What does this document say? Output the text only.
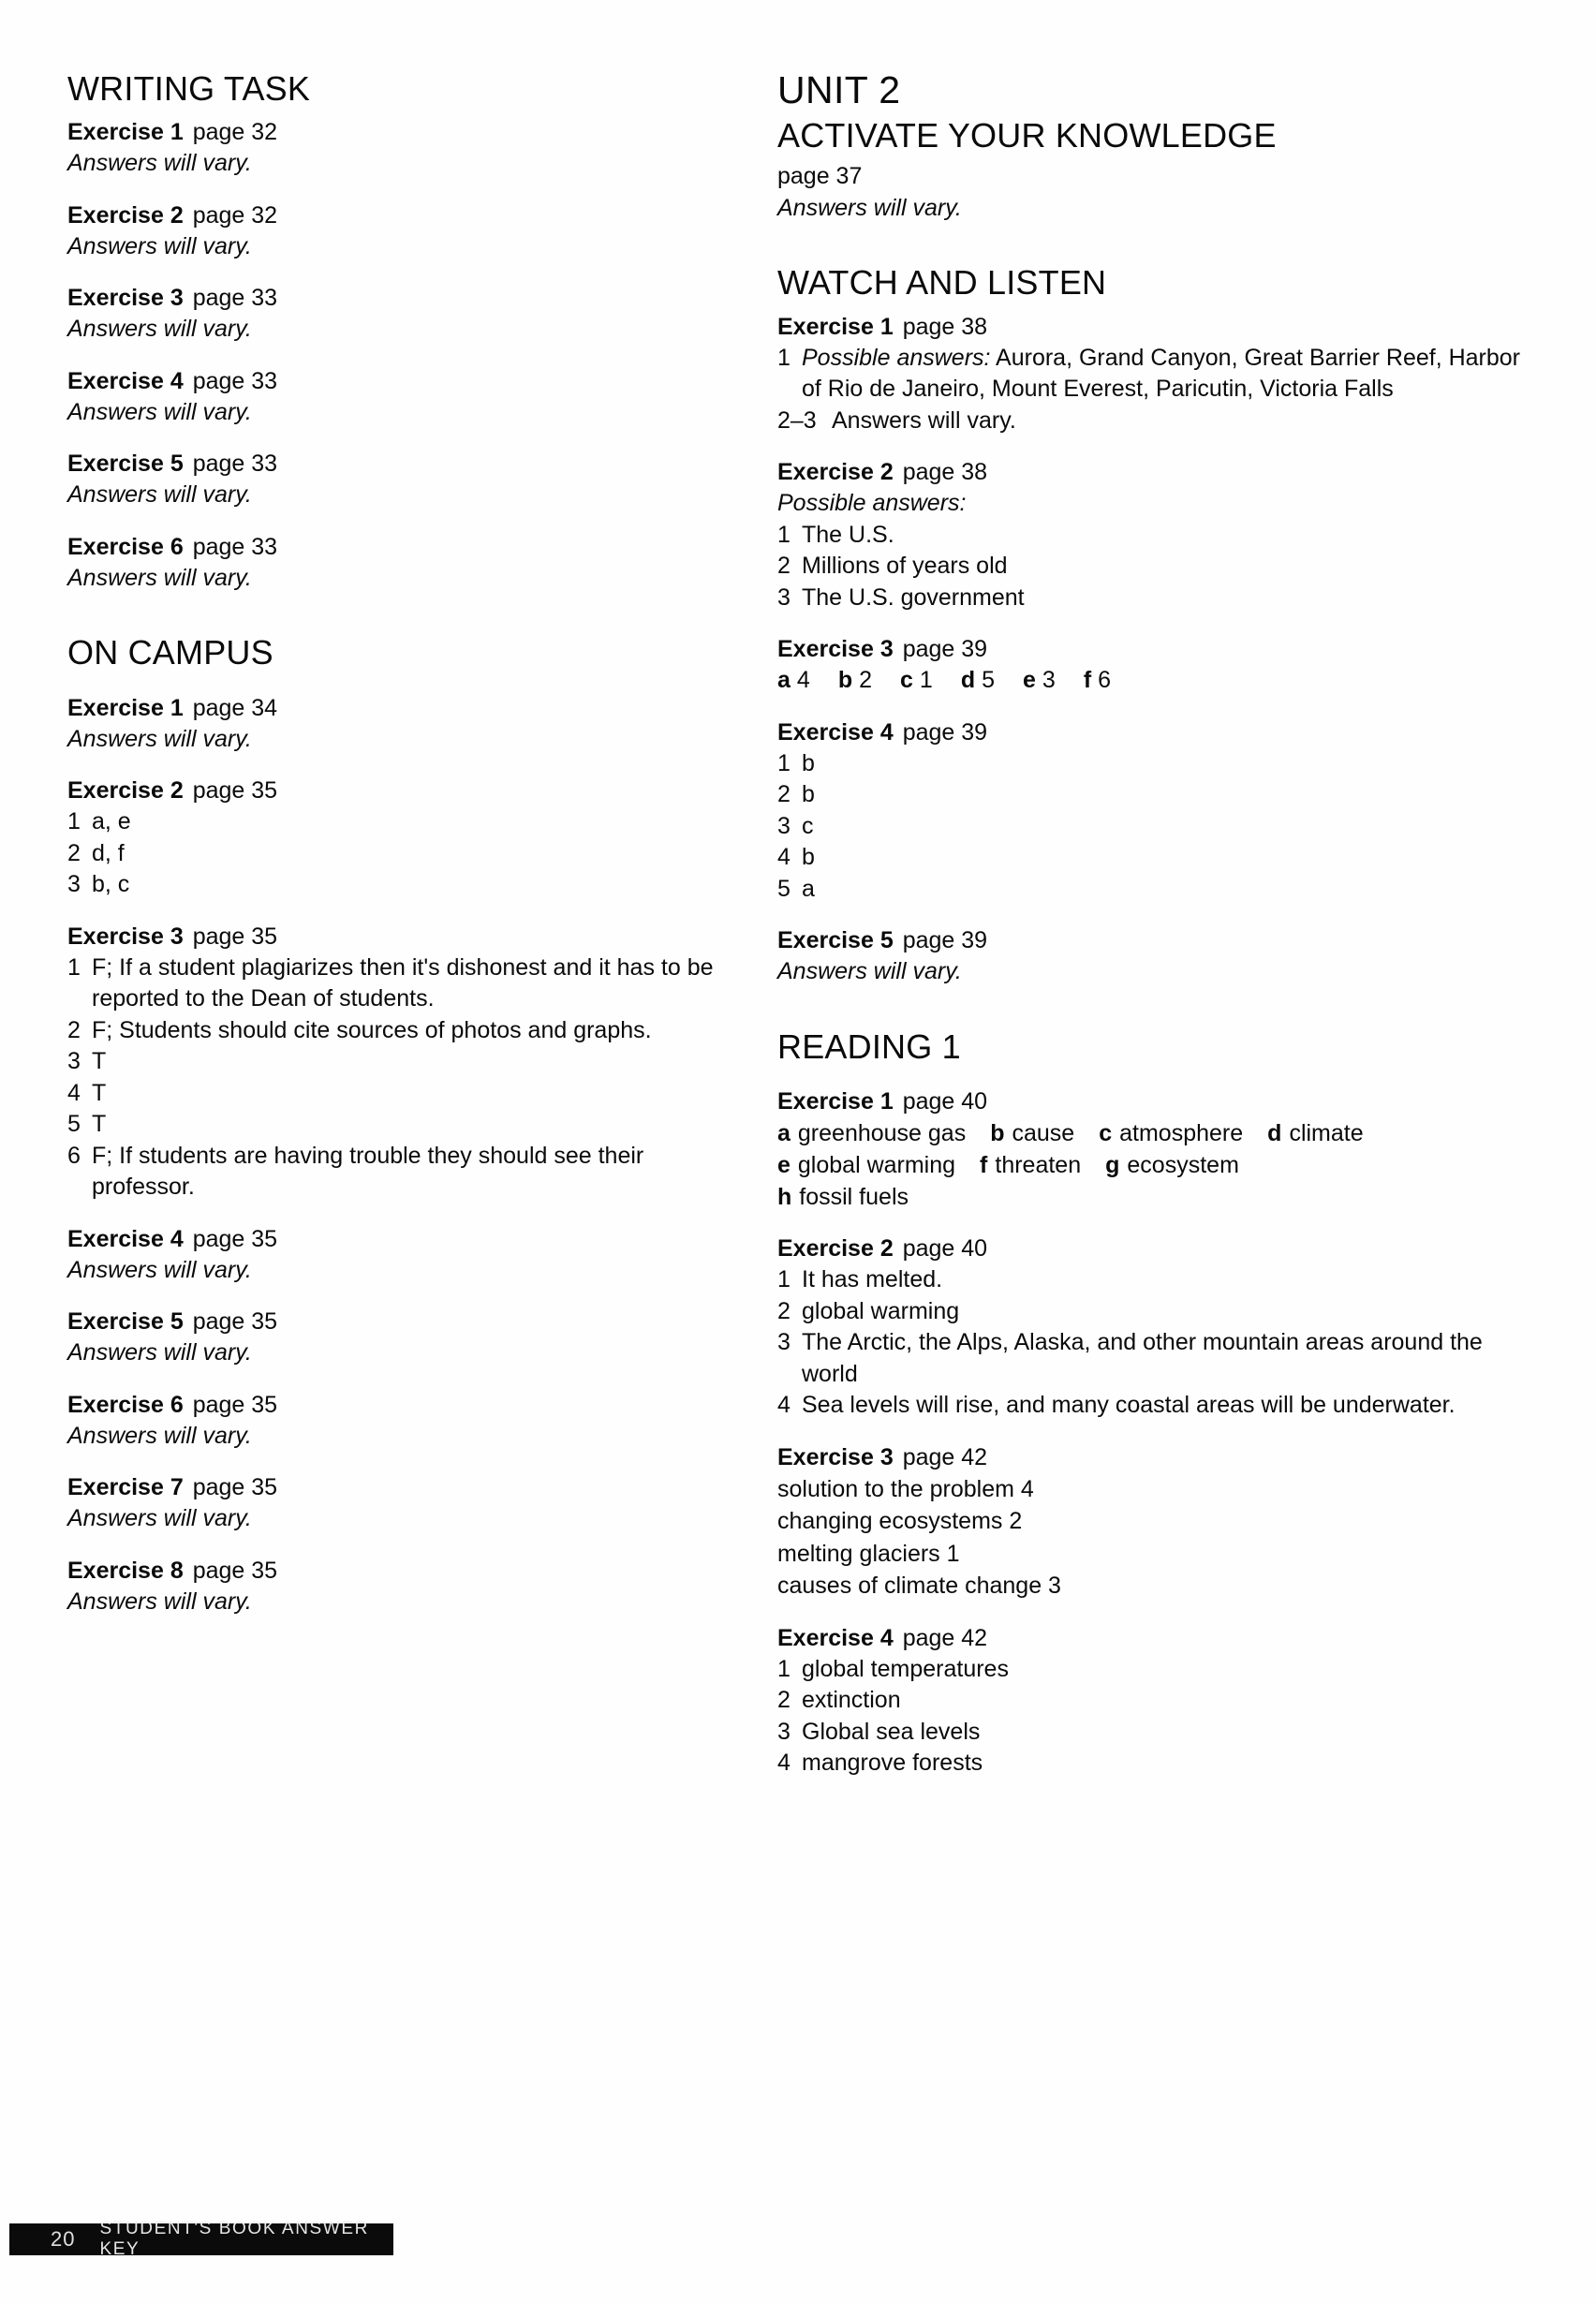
WRITING TASK

Exercise 1 page 32

Answers will vary.

Exercise 2 page 32

Answers will vary.

Exercise 3 page 33

Answers will vary.

Exercise 4 page 33

Answers will vary.

Exercise 5 page 33

Answers will vary.

Exercise 6 page 33

Answers will vary.

ON CAMPUS

Exercise 1 page 34

Answers will vary.

Exercise 2 page 35

1 a, e
2 d, f
3 b, c

Exercise 3 page 35

1 F; If a student plagiarizes then it's dishonest and it has to be reported to the Dean of students.
2 F; Students should cite sources of photos and graphs.
3 T
4 T
5 T
6 F; If students are having trouble they should see their professor.

Exercise 4 page 35

Answers will vary.

Exercise 5 page 35

Answers will vary.

Exercise 6 page 35

Answers will vary.

Exercise 7 page 35

Answers will vary.

Exercise 8 page 35

Answers will vary.

UNIT 2
ACTIVATE YOUR KNOWLEDGE

page 37

Answers will vary.

WATCH AND LISTEN

Exercise 1 page 38

1 Possible answers: Aurora, Grand Canyon, Great Barrier Reef, Harbor of Rio de Janeiro, Mount Everest, Paricutin, Victoria Falls
2–3 Answers will vary.

Exercise 2 page 38

Possible answers:

1 The U.S.
2 Millions of years old
3 The U.S. government

Exercise 3 page 39

a 4 b 2 c 1 d 5 e 3 f 6

Exercise 4 page 39

1 b
2 b
3 c
4 b
5 a

Exercise 5 page 39

Answers will vary.

READING 1

Exercise 1 page 40

a greenhouse gas b cause c atmosphere d climate

e global warming f threaten g ecosystem

h fossil fuels

Exercise 2 page 40

1 It has melted.
2 global warming
3 The Arctic, the Alps, Alaska, and other mountain areas around the world
4 Sea levels will rise, and many coastal areas will be underwater.

Exercise 3 page 42

solution to the problem 4

changing ecosystems 2

melting glaciers 1

causes of climate change 3

Exercise 4 page 42

1 global temperatures
2 extinction
3 Global sea levels
4 mangrove forests
20 STUDENT'S BOOK ANSWER KEY
